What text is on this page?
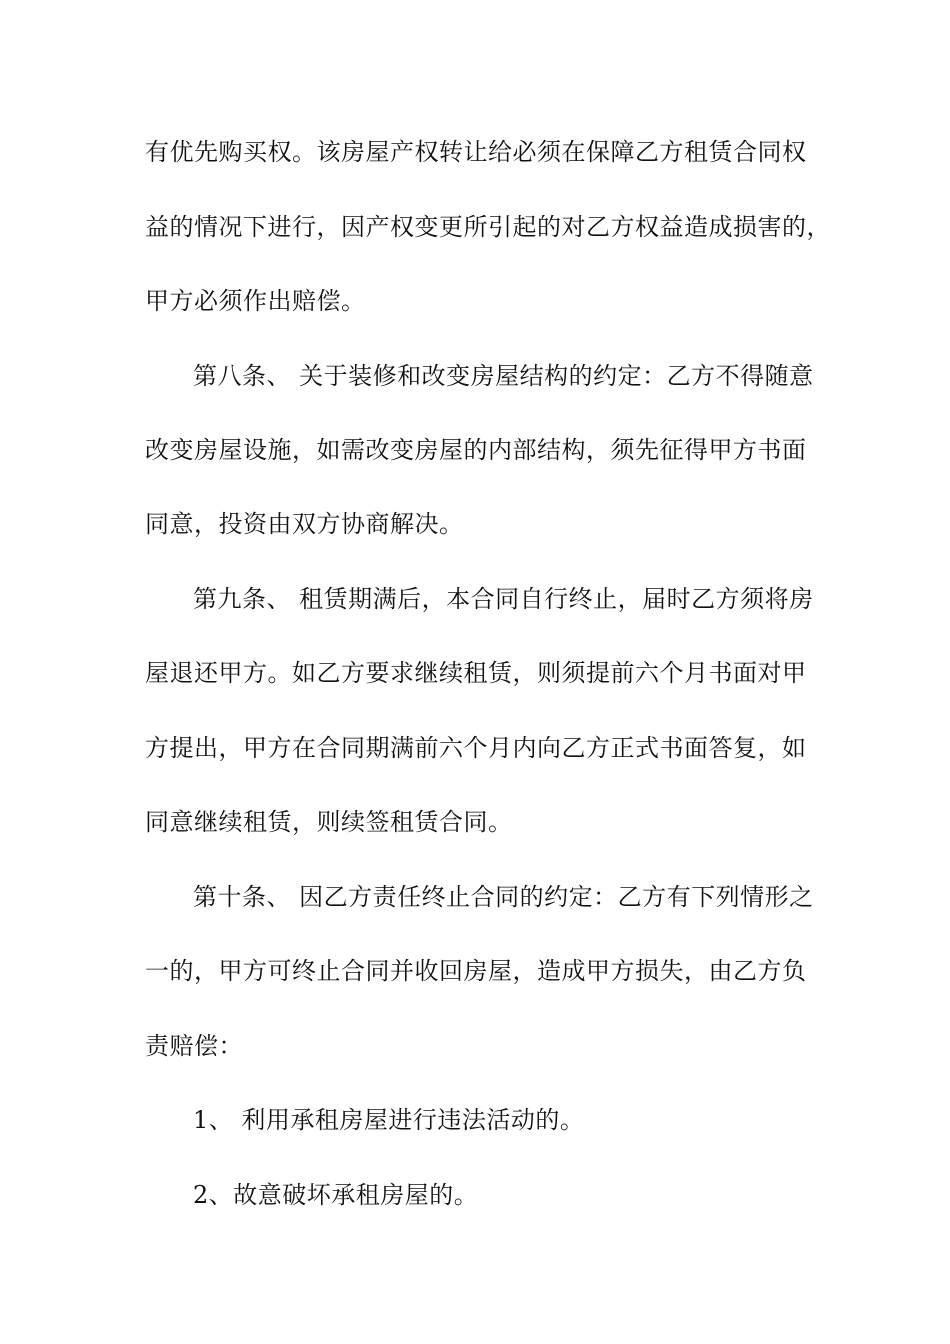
有优先购买权。该房屋产权转让给必须在保障乙方租赁合同权
益的情况下进行，因产权变更所引起的对乙方权益造成损害的，
甲方必须作出赔偿。
第八条、 关于装修和改变房屋结构的约定：乙方不得随意
改变房屋设施，如需改变房屋的内部结构，须先征得甲方书面
同意，投资由双方协商解决。
第九条、 租赁期满后，本合同自行终止，届时乙方须将房
屋退还甲方。如乙方要求继续租赁，则须提前六个月书面对甲
方提出，甲方在合同期满前六个月内向乙方正式书面答复，如
同意继续租赁，则续签租赁合同。
第十条、 因乙方责任终止合同的约定：乙方有下列情形之
一的，甲方可终止合同并收回房屋，造成甲方损失，由乙方负
责赔偿：
1、 利用承租房屋进行违法活动的。
2、故意破坏承租房屋的。
